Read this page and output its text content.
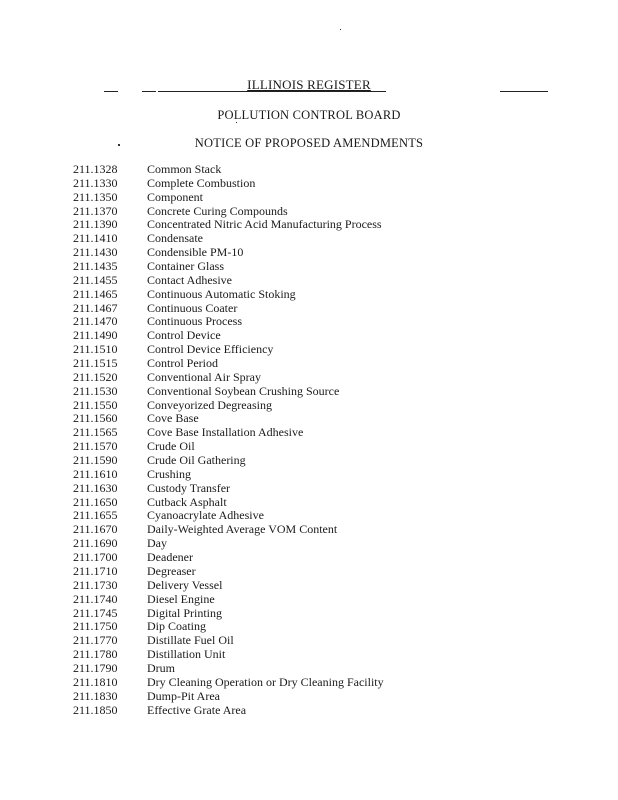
ILLINOIS REGISTER
POLLUTION CONTROL BOARD
NOTICE OF PROPOSED AMENDMENTS
211.1328	Common Stack
211.1330	Complete Combustion
211.1350	Component
211.1370	Concrete Curing Compounds
211.1390	Concentrated Nitric Acid Manufacturing Process
211.1410	Condensate
211.1430	Condensible PM-10
211.1435	Container Glass
211.1455	Contact Adhesive
211.1465	Continuous Automatic Stoking
211.1467	Continuous Coater
211.1470	Continuous Process
211.1490	Control Device
211.1510	Control Device Efficiency
211.1515	Control Period
211.1520	Conventional Air Spray
211.1530	Conventional Soybean Crushing Source
211.1550	Conveyorized Degreasing
211.1560	Cove Base
211.1565	Cove Base Installation Adhesive
211.1570	Crude Oil
211.1590	Crude Oil Gathering
211.1610	Crushing
211.1630	Custody Transfer
211.1650	Cutback Asphalt
211.1655	Cyanoacrylate Adhesive
211.1670	Daily-Weighted Average VOM Content
211.1690	Day
211.1700	Deadener
211.1710	Degreaser
211.1730	Delivery Vessel
211.1740	Diesel Engine
211.1745	Digital Printing
211.1750	Dip Coating
211.1770	Distillate Fuel Oil
211.1780	Distillation Unit
211.1790	Drum
211.1810	Dry Cleaning Operation or Dry Cleaning Facility
211.1830	Dump-Pit Area
211.1850	Effective Grate Area
